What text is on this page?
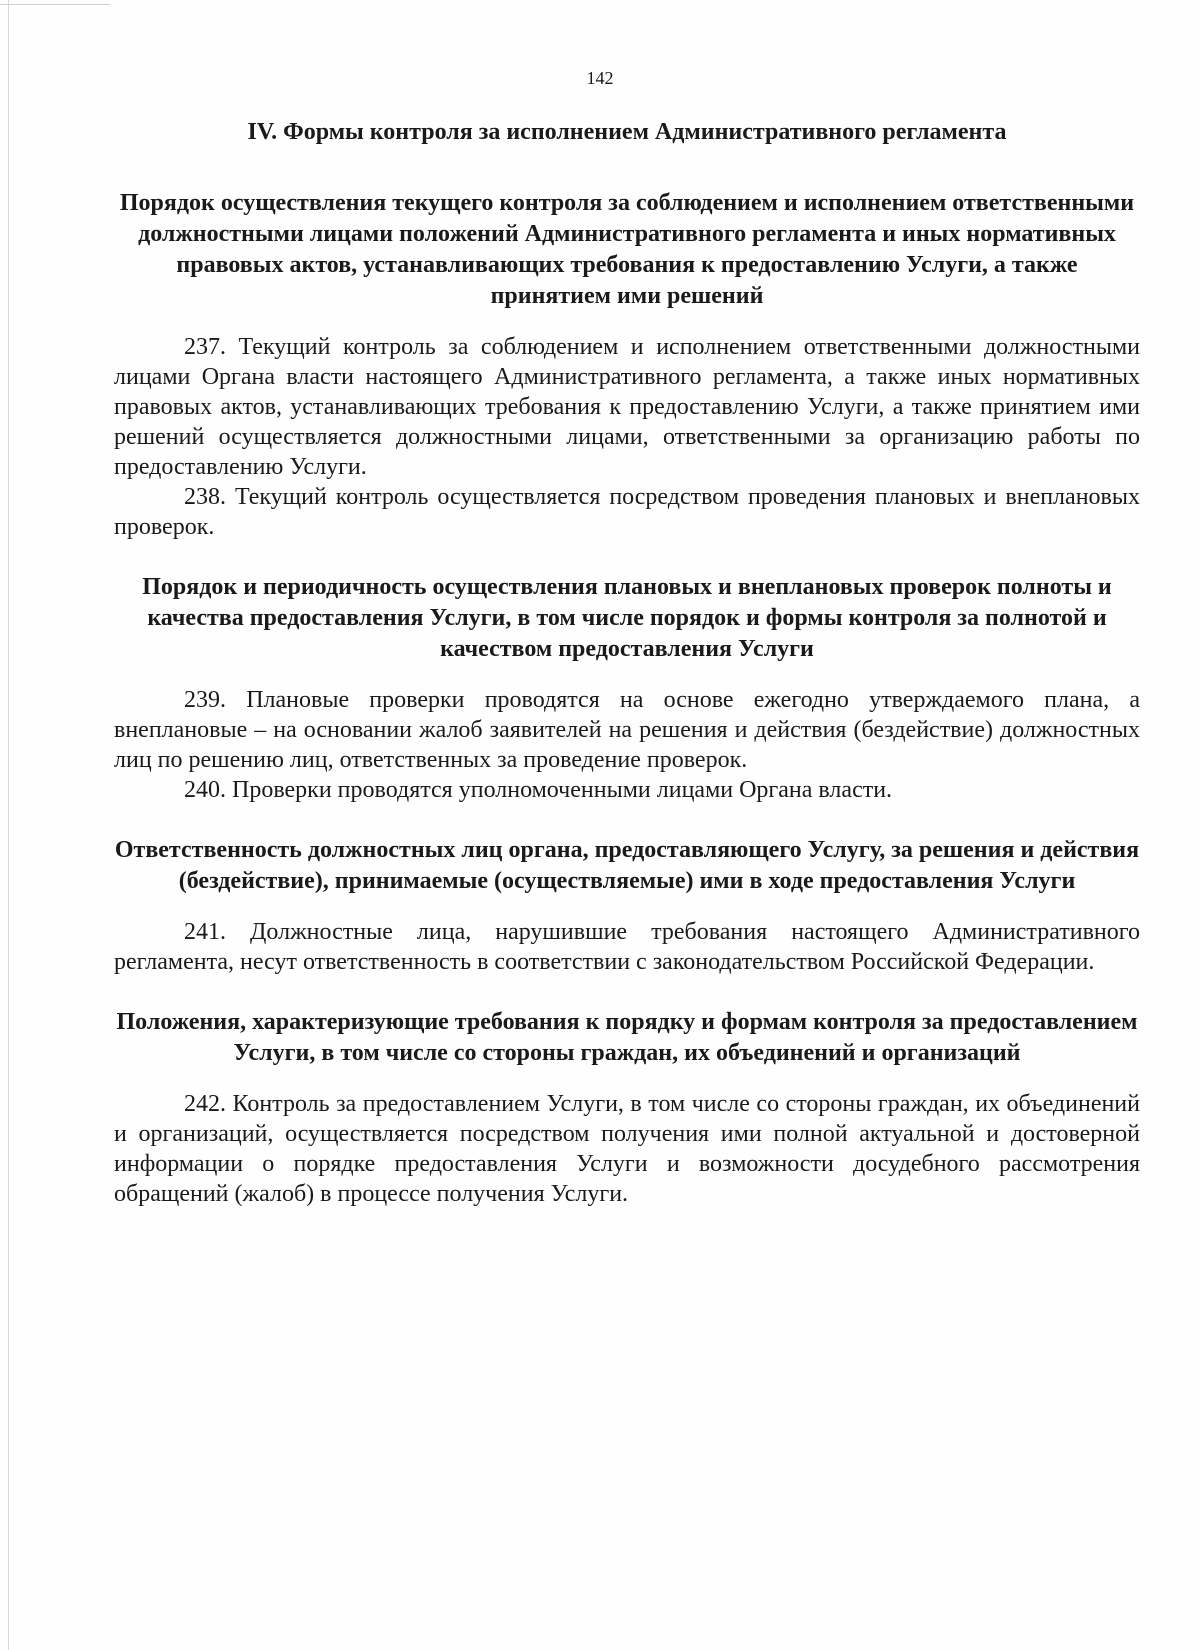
142
IV. Формы контроля за исполнением Административного регламента
Порядок осуществления текущего контроля за соблюдением и исполнением ответственными должностными лицами положений Административного регламента и иных нормативных правовых актов, устанавливающих требования к предоставлению Услуги, а также принятием ими решений

237. Текущий контроль за соблюдением и исполнением ответственными должностными лицами Органа власти настоящего Административного регламента, а также иных нормативных правовых актов, устанавливающих требования к предоставлению Услуги, а также принятием ими решений осуществляется должностными лицами, ответственными за организацию работы по предоставлению Услуги.

238. Текущий контроль осуществляется посредством проведения плановых и внеплановых проверок.

Порядок и периодичность осуществления плановых и внеплановых проверок полноты и качества предоставления Услуги, в том числе порядок и формы контроля за полнотой и качеством предоставления Услуги

239. Плановые проверки проводятся на основе ежегодно утверждаемого плана, а внеплановые – на основании жалоб заявителей на решения и действия (бездействие) должностных лиц по решению лиц, ответственных за проведение проверок.

240. Проверки проводятся уполномоченными лицами Органа власти.

Ответственность должностных лиц органа, предоставляющего Услугу, за решения и действия (бездействие), принимаемые (осуществляемые) ими в ходе предоставления Услуги

241. Должностные лица, нарушившие требования настоящего Административного регламента, несут ответственность в соответствии с законодательством Российской Федерации.

Положения, характеризующие требования к порядку и формам контроля за предоставлением Услуги, в том числе со стороны граждан, их объединений и организаций

242. Контроль за предоставлением Услуги, в том числе со стороны граждан, их объединений и организаций, осуществляется посредством получения ими полной актуальной и достоверной информации о порядке предоставления Услуги и возможности досудебного рассмотрения обращений (жалоб) в процессе получения Услуги.
